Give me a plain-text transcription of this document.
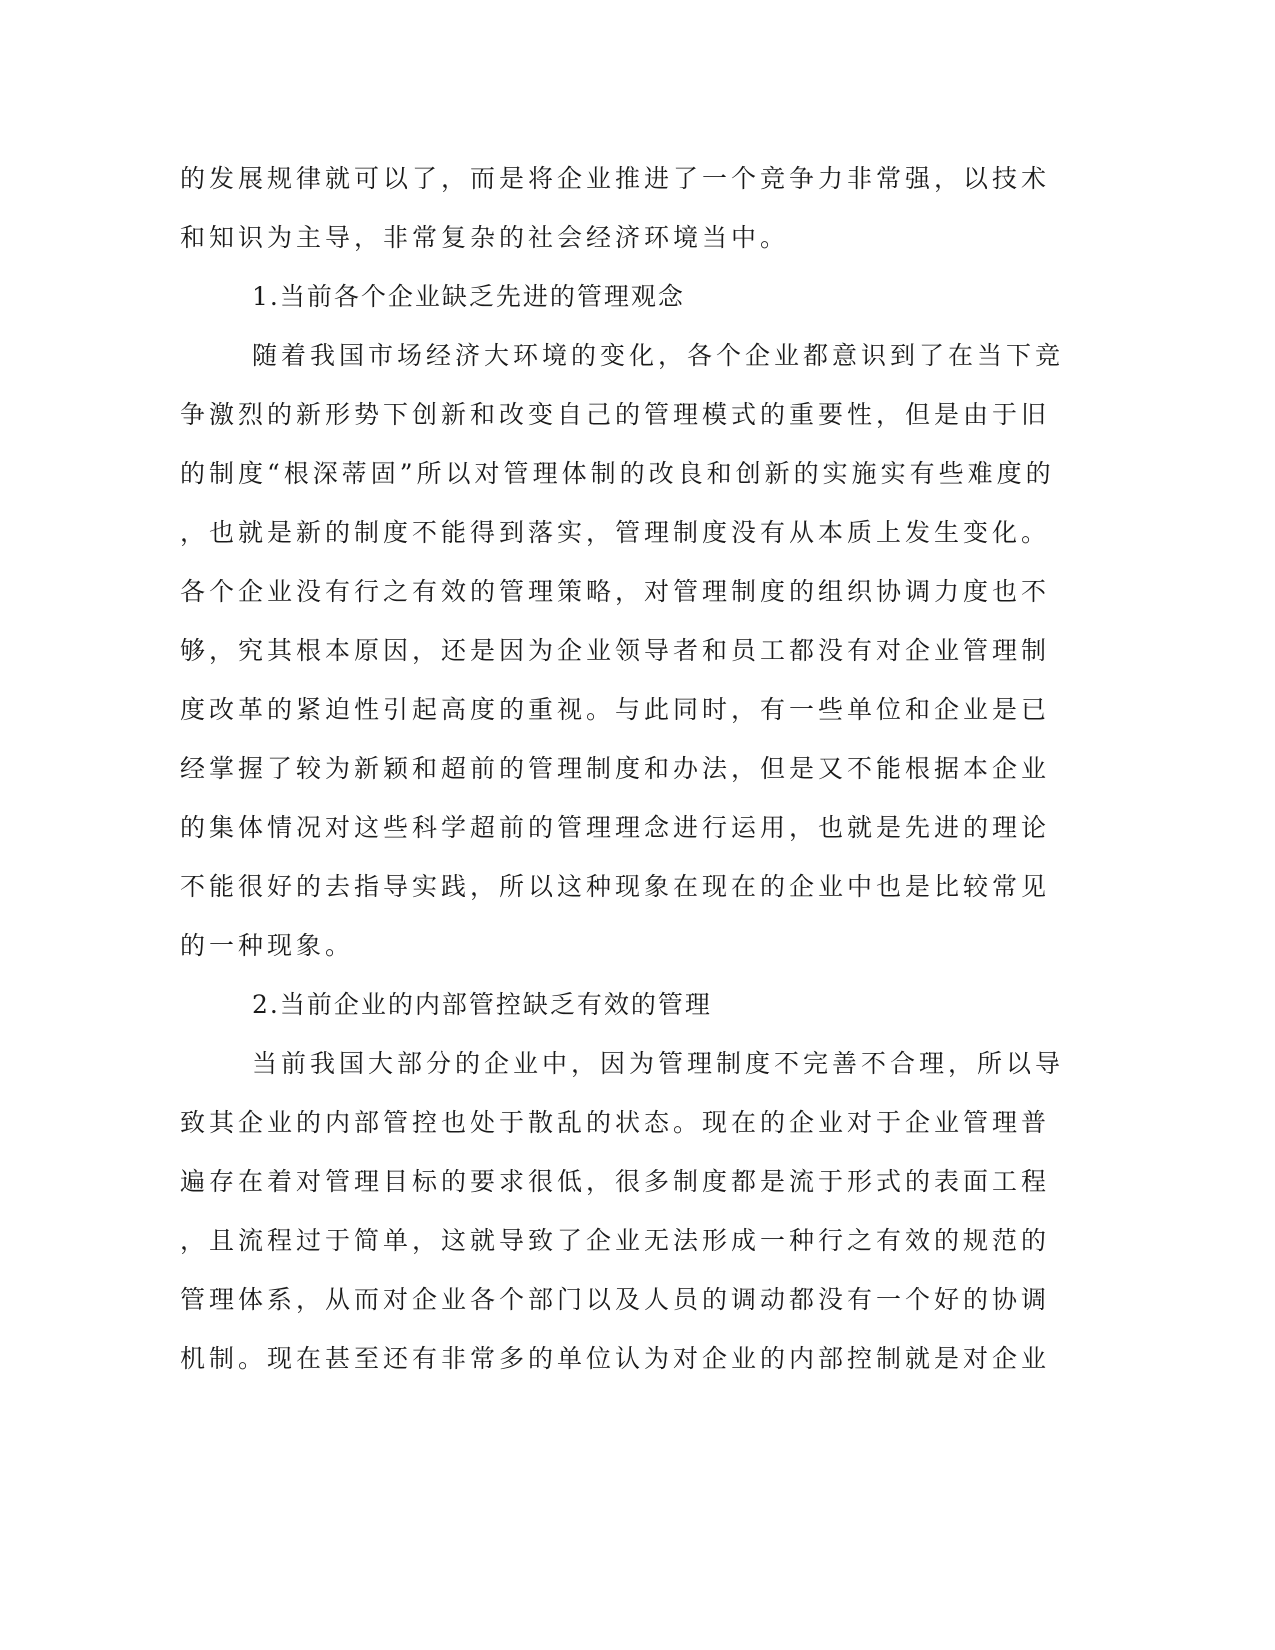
的发展规律就可以了，而是将企业推进了一个竞争力非常强，以技术
和知识为主导，非常复杂的社会经济环境当中。
1.当前各个企业缺乏先进的管理观念
随着我国市场经济大环境的变化，各个企业都意识到了在当下竞
争激烈的新形势下创新和改变自己的管理模式的重要性，但是由于旧
的制度“根深蒂固”所以对管理体制的改良和创新的实施实有些难度的
，也就是新的制度不能得到落实，管理制度没有从本质上发生变化。
各个企业没有行之有效的管理策略，对管理制度的组织协调力度也不
够，究其根本原因，还是因为企业领导者和员工都没有对企业管理制
度改革的紧迫性引起高度的重视。与此同时，有一些单位和企业是已
经掌握了较为新颖和超前的管理制度和办法，但是又不能根据本企业
的集体情况对这些科学超前的管理理念进行运用，也就是先进的理论
不能很好的去指导实践，所以这种现象在现在的企业中也是比较常见
的一种现象。
2.当前企业的内部管控缺乏有效的管理
当前我国大部分的企业中，因为管理制度不完善不合理，所以导
致其企业的内部管控也处于散乱的状态。现在的企业对于企业管理普
遍存在着对管理目标的要求很低，很多制度都是流于形式的表面工程
，且流程过于简单，这就导致了企业无法形成一种行之有效的规范的
管理体系，从而对企业各个部门以及人员的调动都没有一个好的协调
机制。现在甚至还有非常多的单位认为对企业的内部控制就是对企业
